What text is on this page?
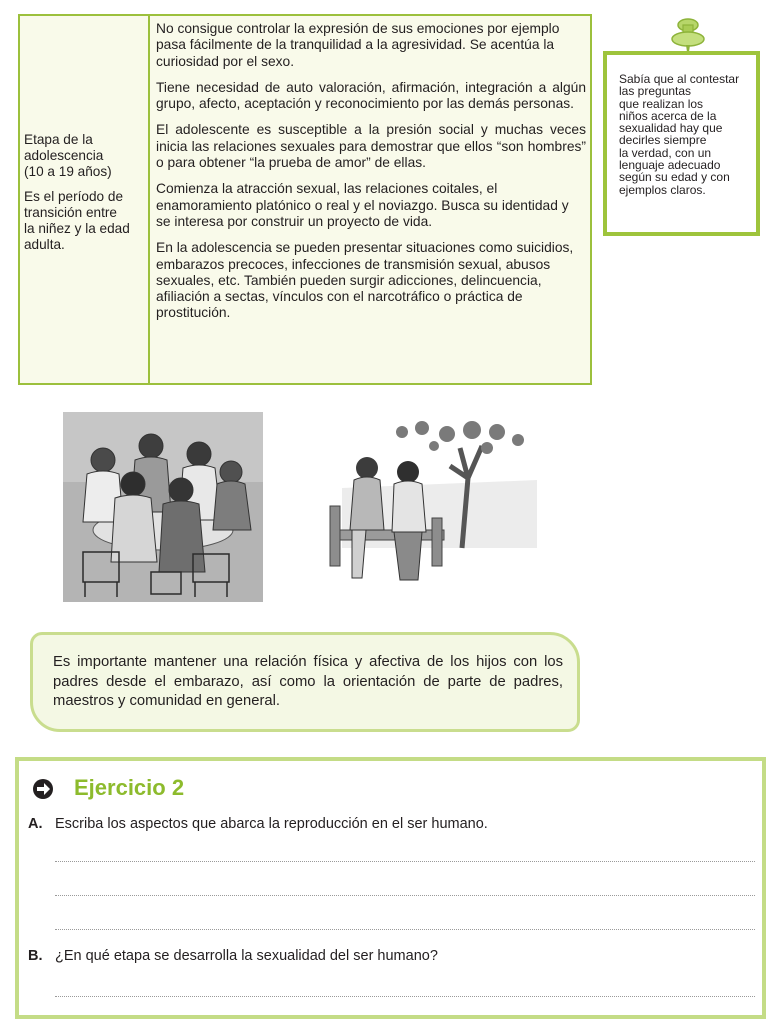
Etapa de la

adolescencia

(10 a 19 años)

Es el período de

transición entre

la niñez y la edad

adulta.

No consigue controlar la expresión de sus emociones por ejemplo pasa fácilmente de la tranquilidad a la agresividad. Se acentúa la curiosidad por el sexo.

Tiene necesidad de auto valoración, afirmación, integración a algún grupo, afecto, aceptación y reconocimiento por las demás personas.

El adolescente es susceptible a la presión social y muchas veces inicia las relaciones sexuales para demostrar que ellos “son hombres” o para obtener “la prueba de amor” de ellas.

Comienza la atracción sexual, las relaciones coitales, el enamoramiento platónico o real y el noviazgo. Busca su identidad y se interesa por construir un proyecto de vida.

En la adolescencia se pueden presentar situaciones como suicidios, embarazos precoces, infecciones de transmisión sexual, abusos sexuales, etc. También pueden surgir adicciones, delincuencia, afiliación a sectas, vínculos con el narcotráfico o práctica de prostitución.

Sabía que al contestar
las preguntas
que realizan los
niños acerca de la
sexualidad hay que
decirles siempre
la verdad, con un
lenguaje adecuado
según su edad y con
ejemplos claros.
Es importante mantener una relación física y afectiva de los hijos con los padres desde el embarazo, así como la orientación de parte de padres, maestros y comunidad en general.
Ejercicio 2
A. Escriba los aspectos que abarca la reproducción en el ser humano.
B. ¿En qué etapa se desarrolla la sexualidad del ser humano?
